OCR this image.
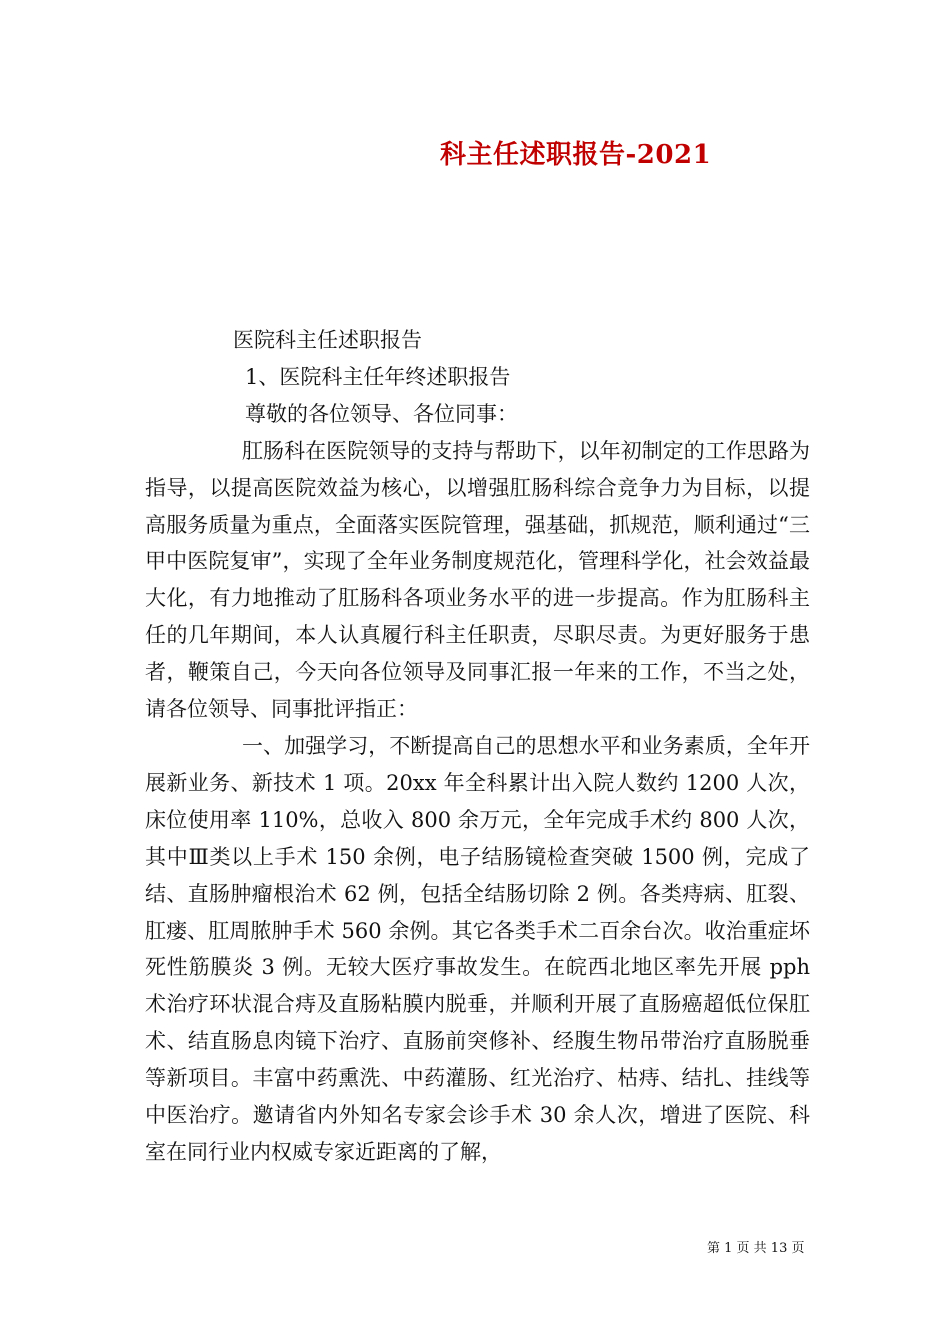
科主任述职报告-2021

医院科主任述职报告

1、医院科主任年终述职报告

尊敬的各位领导、各位同事：

肛肠科在医院领导的支持与帮助下，以年初制定的工作思路为指导，以提高医院效益为核心，以增强肛肠科综合竞争力为目标，以提高服务质量为重点，全面落实医院管理，强基础，抓规范，顺利通过“三甲中医院复审”，实现了全年业务制度规范化，管理科学化，社会效益最大化，有力地推动了肛肠科各项业务水平的进一步提高。作为肛肠科主任的几年期间，本人认真履行科主任职责，尽职尽责。为更好服务于患者，鞭策自己，今天向各位领导及同事汇报一年来的工作，不当之处，请各位领导、同事批评指正：

一、加强学习，不断提高自己的思想水平和业务素质，全年开展新业务、新技术 1 项。20xx 年全科累计出入院人数约 1200 人次，床位使用率 110%，总收入 800 余万元，全年完成手术约 800 人次，其中Ⅲ类以上手术 150 余例，电子结肠镜检查突破 1500 例，完成了结、直肠肿瘤根治术 62 例，包括全结肠切除 2 例。各类痔病、肛裂、肛瘘、肛周脓肿手术 560 余例。其它各类手术二百余台次。收治重症坏死性筋膜炎 3 例。无较大医疗事故发生。在皖西北地区率先开展 pph 术治疗环状混合痔及直肠粘膜内脱垂，并顺利开展了直肠癌超低位保肛术、结直肠息肉镜下治疗、直肠前突修补、经腹生物吊带治疗直肠脱垂等新项目。丰富中药熏洗、中药灌肠、红光治疗、枯痔、结扎、挂线等中医治疗。邀请省内外知名专家会诊手术 30 余人次，增进了医院、科室在同行业内权威专家近距离的了解，

第 1 页 共 13 页
